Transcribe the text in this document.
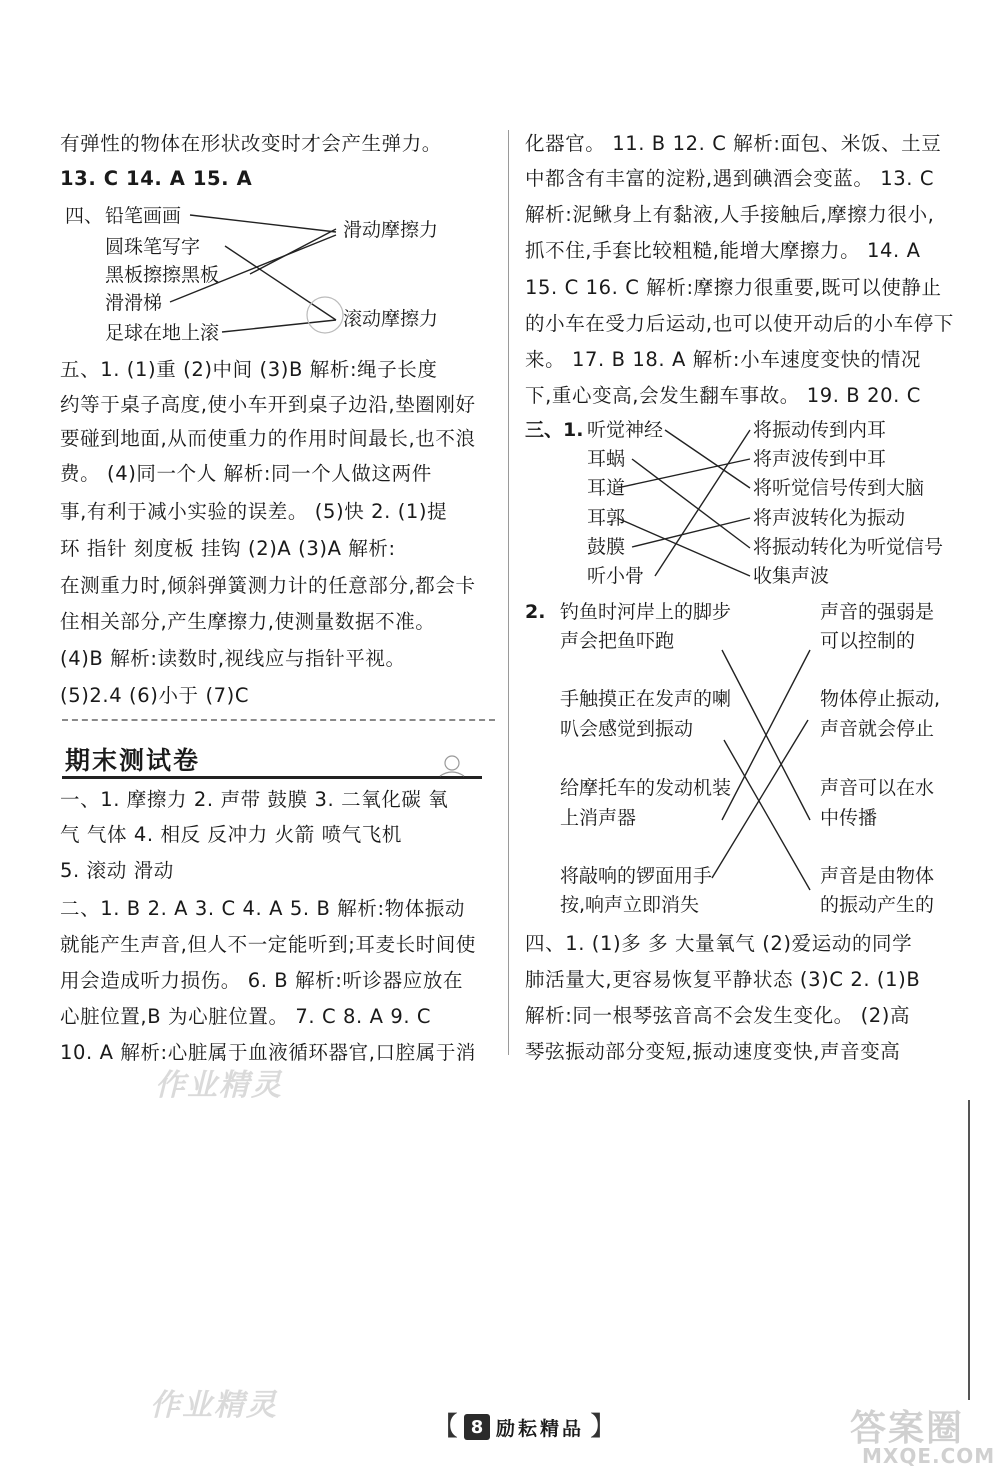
有弹性的物体在形状改变时才会产生弹力。
13. C 14. A 15. A
四、 铅笔画画
圆珠笔写字
黑板擦擦黑板
滑滑梯
足球在地上滚
滑动摩擦力
滚动摩擦力
五、1. (1)重 (2)中间 (3)B 解析:绳子长度
约等于桌子高度,使小车开到桌子边沿,垫圈刚好
要碰到地面,从而使重力的作用时间最长,也不浪
费。 (4)同一个人 解析:同一个人做这两件
事,有利于减小实验的误差。 (5)快 2. (1)提
环 指针 刻度板 挂钩 (2)A (3)A 解析:
在测重力时,倾斜弹簧测力计的任意部分,都会卡
住相关部分,产生摩擦力,使测量数据不准。
(4)B 解析:读数时,视线应与指针平视。
(5)2.4 (6)小于 (7)C
期末测试卷
一、1. 摩擦力 2. 声带 鼓膜 3. 二氧化碳 氧
气 气体 4. 相反 反冲力 火箭 喷气飞机
5. 滚动 滑动
二、1. B 2. A 3. C 4. A 5. B 解析:物体振动
就能产生声音,但人不一定能听到;耳麦长时间使
用会造成听力损伤。 6. B 解析:听诊器应放在
心脏位置,B 为心脏位置。 7. C 8. A 9. C
10. A 解析:心脏属于血液循环器官,口腔属于消
化器官。 11. B 12. C 解析:面包、米饭、土豆
中都含有丰富的淀粉,遇到碘酒会变蓝。 13. C
解析:泥鳅身上有黏液,人手接触后,摩擦力很小,
抓不住,手套比较粗糙,能增大摩擦力。 14. A
15. C 16. C 解析:摩擦力很重要,既可以使静止
的小车在受力后运动,也可以使开动后的小车停下
来。 17. B 18. A 解析:小车速度变快的情况
下,重心变高,会发生翻车事故。 19. B 20. C
三、1. 听觉神经
耳蜗
耳道
耳郭
鼓膜
听小骨
将振动传到内耳
将声波传到中耳
将听觉信号传到大脑
将声波转化为振动
将振动转化为听觉信号
收集声波
2. 钓鱼时河岸上的脚步
声会把鱼吓跑
手触摸正在发声的喇
叭会感觉到振动
给摩托车的发动机装
上消声器
将敲响的锣面用手
按,响声立即消失
声音的强弱是
可以控制的
物体停止振动,
声音就会停止
声音可以在水
中传播
声音是由物体
的振动产生的
四、1. (1)多 多 大量氧气 (2)爱运动的同学
肺活量大,更容易恢复平静状态 (3)C 2. (1)B
解析:同一根琴弦音高不会发生变化。 (2)高
琴弦振动部分变短,振动速度变快,声音变高
作业精灵
作业精灵
【 8 励耘精品 】	答案圈
MXQE.COM
